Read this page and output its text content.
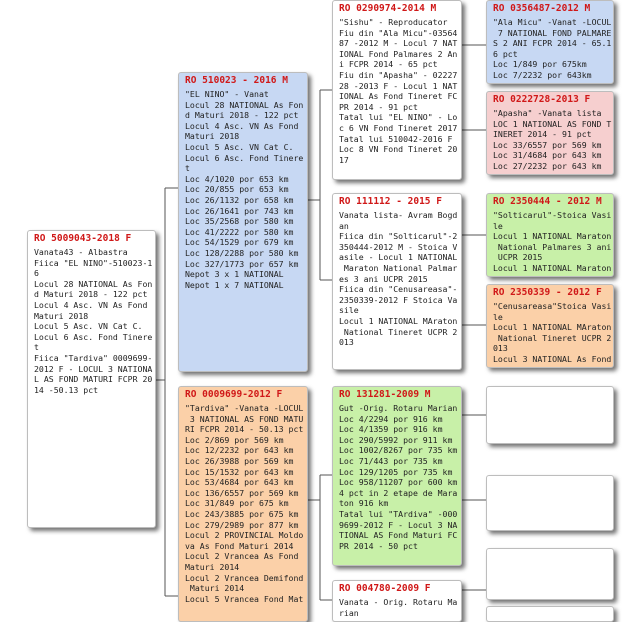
RO 5009043-2018 F
Vanata43 - Albastra
Fiica "EL NINO"-510023-1
6
Locul 28 NATIONAL As Fon
d Maturi 2018 - 122 pct
Locul 4 Asc. VN As Fond
Maturi 2018
Locul 5 Asc. VN Cat C.
Locul 6 Asc. Fond Tinere
t
Fiica "Tardiva" 0009699-
2012 F - LOCUL 3 NATIONA
L AS FOND MATURI FCPR 20
14 -50.13 pct
RO 510023 - 2016 M
"EL NINO" - Vanat
Locul 28 NATIONAL As Fon
d Maturi 2018 - 122 pct
Locul 4 Asc. VN As Fond
Maturi 2018
Locul 5 Asc. VN Cat C.
Locul 6 Asc. Fond Tinere
t
Loc 4/1020 por 653 km
Loc 20/855 por 653 km
Loc 26/1132 por 658 km
Loc 26/1641 por 743 km
Loc 35/2568 por 580 km
Loc 41/2222 por 580 km
Loc 54/1529 por 679 km
Loc 128/2288 por 580 km
Loc 327/1773 por 657 km
Nepot 3 x 1 NATIONAL
Nepot 1 x 7 NATIONAL
RO 0009699-2012 F
"Tardiva" -Vanata -LOCUL
3 NATIONAL AS FOND MATU
RI FCPR 2014 - 50.13 pct
Loc 2/869 por 569 km
Loc 12/2232 por 643 km
Loc 26/3988 por 569 km
Loc 15/1532 por 643 km
Loc 53/4684 por 643 km
Loc 136/6557 por 569 km
Loc 31/849 por 675 km
Loc 243/3885 por 675 km
Loc 279/2989 por 877 km
Locul 2 PROVINCIAL Moldo
va As Fond Maturi 2014
Locul 2 Vrancea As Fond
Maturi 2014
Locul 2 Vrancea Demifond
Maturi 2014
Locul 5 Vrancea Fond Mat
RO 0290974-2014 M
"Sishu" - Reproducator
Fiu din "Ala Micu"-03564
87 -2012 M - Locul 7 NAT
IONAL Fond Palmares 2 An
i FCPR 2014 - 65 pct
Fiu din "Apasha" - 02227
28 -2013 F - Locul 1 NAT
IONAL As Fond Tineret FC
PR 2014 - 91 pct
Tatal lui "EL NINO" - Lo
c 6 VN Fond Tineret 2017
Tatal lui 510042-2016 F
Loc 8 VN Fond Tineret 20
17
RO 111112 - 2015 F
Vanata lista- Avram Bogd
an
Fiica din "Solticarul"-2
350444-2012 M - Stoica V
asile - Locul 1 NATIONAL
Maraton National Palmar
es 3 ani UCPR 2015
Fiica din "Cenusareasa"-
2350339-2012 F Stoica Va
sile
Locul 1 NATIONAL MAraton
National Tineret UCPR 2
013
RO 131281-2009 M
Gut -Orig. Rotaru Marian
Loc 4/2294 por 916 km
Loc 4/1359 por 916 km
Loc 290/5992 por 911 km
Loc 1002/8267 por 735 km
Loc 71/443 por 735 km
Loc 129/1205 por 735 km
Loc 958/11207 por 600 km
4 pct in 2 etape de Mara
ton 916 km
Tatal lui "TArdiva" -000
9699-2012 F - Locul 3 NA
TIONAL AS Fond Maturi FC
PR 2014 - 50 pct
RO 004780-2009 F
Vanata - Orig. Rotaru Ma
rian
RO 0356487-2012 M
"Ala Micu" -Vanat -LOCUL
7 NATIONAL FOND PALMARE
S 2 ANI FCPR 2014 - 65.1
6 pct
Loc 1/849 por 675km
Loc 7/2232 por 643km
RO 0222728-2013 F
"Apasha" -Vanata lista
LOC 1 NATIONAL AS FOND T
INERET 2014 - 91 pct
Loc 33/6557 por 569 km
Loc 31/4684 por 643 km
Loc 27/2232 por 643 km
RO 2350444 - 2012 M
"Solticarul"-Stoica Vasi
le
Locul 1 NATIONAL Maraton
National Palmares 3 ani
UCPR 2015
Locul 1 NATIONAL Maraton
RO 2350339 - 2012 F
"Cenusareasa"Stoica Vasi
le
Locul 1 NATIONAL MAraton
National Tineret UCPR 2
013
Locul 3 NATIONAL As Fond
